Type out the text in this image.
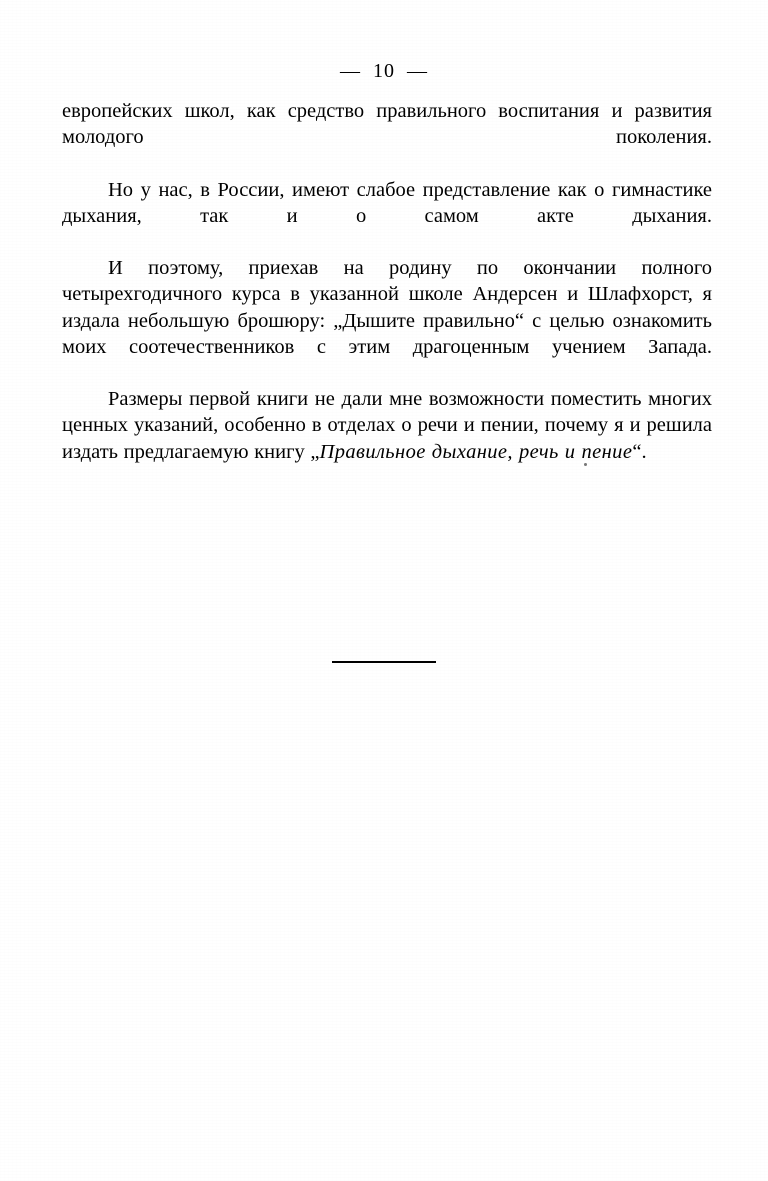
—  10  —

европейских школ, как средство правильного воспитания и развития молодого поколения.

Но у нас, в России, имеют слабое представление как о гимнастике дыхания, так и о самом акте дыхания.

И поэтому, приехав на родину по окончании полного четырехгодичного курса в указанной школе Андерсен и Шлафхорст, я издала небольшую брошюру: „Дышите правильно“ с целью ознакомить моих соотечественников с этим драгоценным учением Запада.

Размеры первой книги не дали мне возможности поместить многих ценных указаний, особенно в отделах о речи и пении, почему я и решила издать предлагаемую книгу „Правильное дыхание, речь и пение“.
